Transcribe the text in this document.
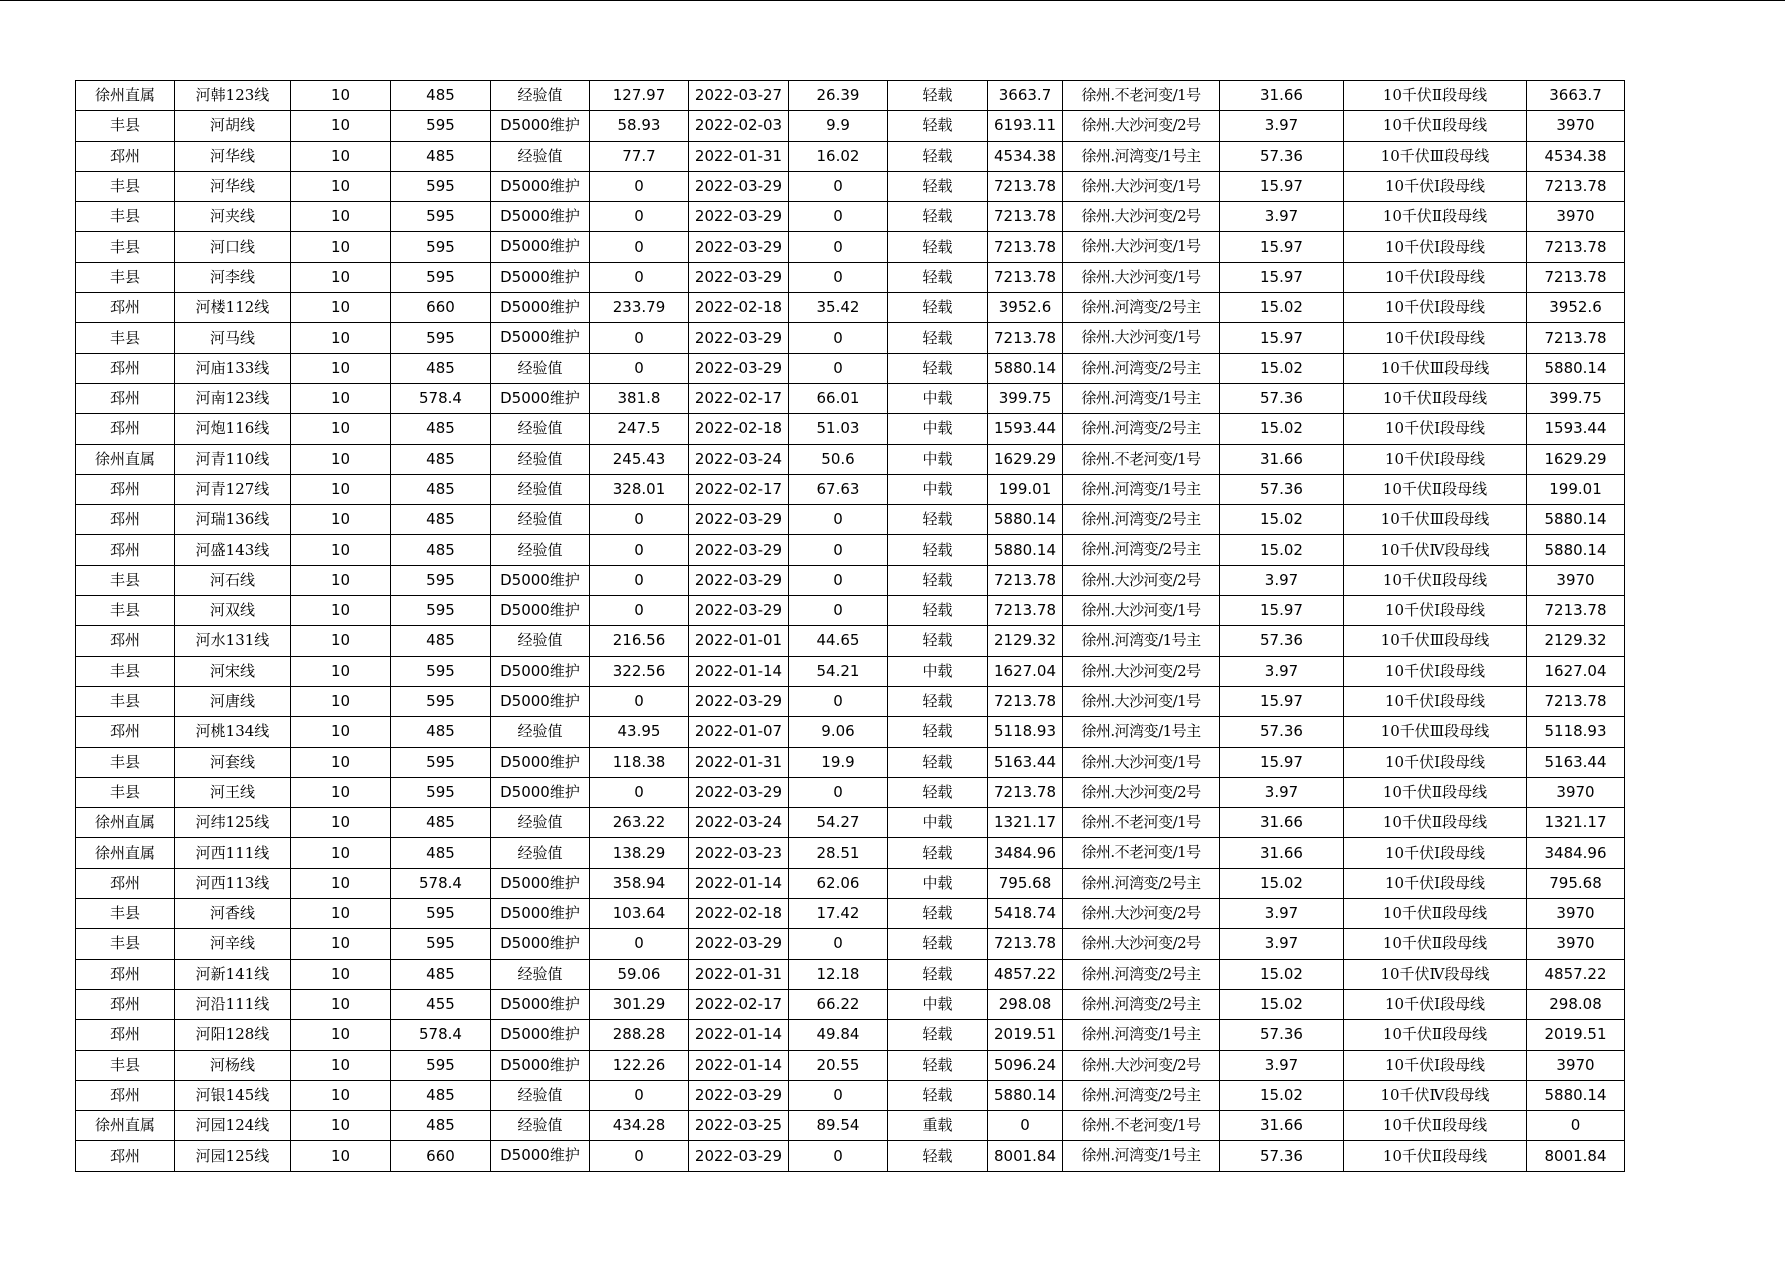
徐州直属	河韩123线	10	485	经验值	127.97	2022-03-27	26.39	轻载	3663.7	徐州.不老河变/1号	31.66	10千伏Ⅱ段母线	3663.7
丰县	河胡线	10	595	D5000维护	58.93	2022-02-03	9.9	轻载	6193.11	徐州.大沙河变/2号	3.97	10千伏Ⅱ段母线	3970
邳州	河华线	10	485	经验值	77.7	2022-01-31	16.02	轻载	4534.38	徐州.河湾变/1号主	57.36	10千伏Ⅲ段母线	4534.38
丰县	河华线	10	595	D5000维护	0	2022-03-29	0	轻载	7213.78	徐州.大沙河变/1号	15.97	10千伏Ⅰ段母线	7213.78
丰县	河夹线	10	595	D5000维护	0	2022-03-29	0	轻载	7213.78	徐州.大沙河变/2号	3.97	10千伏Ⅱ段母线	3970
丰县	河口线	10	595	D5000维护	0	2022-03-29	0	轻载	7213.78	徐州.大沙河变/1号	15.97	10千伏Ⅰ段母线	7213.78
丰县	河李线	10	595	D5000维护	0	2022-03-29	0	轻载	7213.78	徐州.大沙河变/1号	15.97	10千伏Ⅰ段母线	7213.78
邳州	河楼112线	10	660	D5000维护	233.79	2022-02-18	35.42	轻载	3952.6	徐州.河湾变/2号主	15.02	10千伏Ⅰ段母线	3952.6
丰县	河马线	10	595	D5000维护	0	2022-03-29	0	轻载	7213.78	徐州.大沙河变/1号	15.97	10千伏Ⅰ段母线	7213.78
邳州	河庙133线	10	485	经验值	0	2022-03-29	0	轻载	5880.14	徐州.河湾变/2号主	15.02	10千伏Ⅲ段母线	5880.14
邳州	河南123线	10	578.4	D5000维护	381.8	2022-02-17	66.01	中载	399.75	徐州.河湾变/1号主	57.36	10千伏Ⅱ段母线	399.75
邳州	河炮116线	10	485	经验值	247.5	2022-02-18	51.03	中载	1593.44	徐州.河湾变/2号主	15.02	10千伏Ⅰ段母线	1593.44
徐州直属	河青110线	10	485	经验值	245.43	2022-03-24	50.6	中载	1629.29	徐州.不老河变/1号	31.66	10千伏Ⅰ段母线	1629.29
邳州	河青127线	10	485	经验值	328.01	2022-02-17	67.63	中载	199.01	徐州.河湾变/1号主	57.36	10千伏Ⅱ段母线	199.01
邳州	河瑞136线	10	485	经验值	0	2022-03-29	0	轻载	5880.14	徐州.河湾变/2号主	15.02	10千伏Ⅲ段母线	5880.14
邳州	河盛143线	10	485	经验值	0	2022-03-29	0	轻载	5880.14	徐州.河湾变/2号主	15.02	10千伏Ⅳ段母线	5880.14
丰县	河石线	10	595	D5000维护	0	2022-03-29	0	轻载	7213.78	徐州.大沙河变/2号	3.97	10千伏Ⅱ段母线	3970
丰县	河双线	10	595	D5000维护	0	2022-03-29	0	轻载	7213.78	徐州.大沙河变/1号	15.97	10千伏Ⅰ段母线	7213.78
邳州	河水131线	10	485	经验值	216.56	2022-01-01	44.65	轻载	2129.32	徐州.河湾变/1号主	57.36	10千伏Ⅲ段母线	2129.32
丰县	河宋线	10	595	D5000维护	322.56	2022-01-14	54.21	中载	1627.04	徐州.大沙河变/2号	3.97	10千伏Ⅰ段母线	1627.04
丰县	河唐线	10	595	D5000维护	0	2022-03-29	0	轻载	7213.78	徐州.大沙河变/1号	15.97	10千伏Ⅰ段母线	7213.78
邳州	河桃134线	10	485	经验值	43.95	2022-01-07	9.06	轻载	5118.93	徐州.河湾变/1号主	57.36	10千伏Ⅲ段母线	5118.93
丰县	河套线	10	595	D5000维护	118.38	2022-01-31	19.9	轻载	5163.44	徐州.大沙河变/1号	15.97	10千伏Ⅰ段母线	5163.44
丰县	河王线	10	595	D5000维护	0	2022-03-29	0	轻载	7213.78	徐州.大沙河变/2号	3.97	10千伏Ⅱ段母线	3970
徐州直属	河纬125线	10	485	经验值	263.22	2022-03-24	54.27	中载	1321.17	徐州.不老河变/1号	31.66	10千伏Ⅱ段母线	1321.17
徐州直属	河西111线	10	485	经验值	138.29	2022-03-23	28.51	轻载	3484.96	徐州.不老河变/1号	31.66	10千伏Ⅰ段母线	3484.96
邳州	河西113线	10	578.4	D5000维护	358.94	2022-01-14	62.06	中载	795.68	徐州.河湾变/2号主	15.02	10千伏Ⅰ段母线	795.68
丰县	河香线	10	595	D5000维护	103.64	2022-02-18	17.42	轻载	5418.74	徐州.大沙河变/2号	3.97	10千伏Ⅱ段母线	3970
丰县	河辛线	10	595	D5000维护	0	2022-03-29	0	轻载	7213.78	徐州.大沙河变/2号	3.97	10千伏Ⅱ段母线	3970
邳州	河新141线	10	485	经验值	59.06	2022-01-31	12.18	轻载	4857.22	徐州.河湾变/2号主	15.02	10千伏Ⅳ段母线	4857.22
邳州	河沿111线	10	455	D5000维护	301.29	2022-02-17	66.22	中载	298.08	徐州.河湾变/2号主	15.02	10千伏Ⅰ段母线	298.08
邳州	河阳128线	10	578.4	D5000维护	288.28	2022-01-14	49.84	轻载	2019.51	徐州.河湾变/1号主	57.36	10千伏Ⅱ段母线	2019.51
丰县	河杨线	10	595	D5000维护	122.26	2022-01-14	20.55	轻载	5096.24	徐州.大沙河变/2号	3.97	10千伏Ⅰ段母线	3970
邳州	河银145线	10	485	经验值	0	2022-03-29	0	轻载	5880.14	徐州.河湾变/2号主	15.02	10千伏Ⅳ段母线	5880.14
徐州直属	河园124线	10	485	经验值	434.28	2022-03-25	89.54	重载	0	徐州.不老河变/1号	31.66	10千伏Ⅱ段母线	0
邳州	河园125线	10	660	D5000维护	0	2022-03-29	0	轻载	8001.84	徐州.河湾变/1号主	57.36	10千伏Ⅱ段母线	8001.84
